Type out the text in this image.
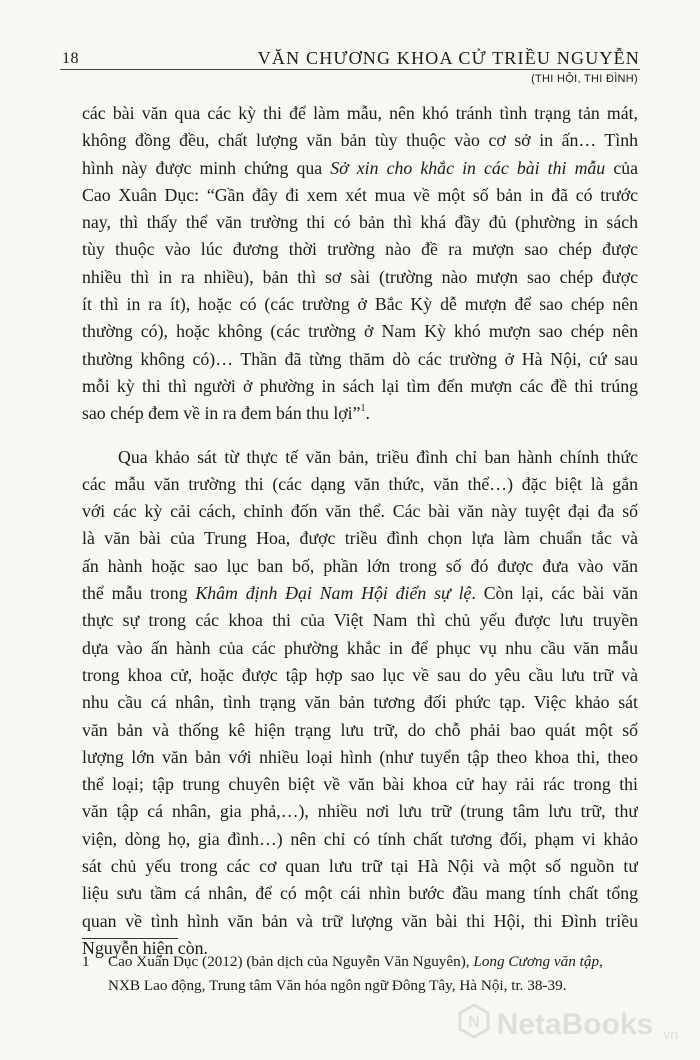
18	VĂN CHƯƠNG KHOA CỬ TRIỀU NGUYỄN
(THI HỘI, THI ĐÌNH)
các bài văn qua các kỳ thi để làm mẫu, nên khó tránh tình trạng tản mát,
không đồng đều, chất lượng văn bản tùy thuộc vào cơ sở in ấn… Tình
hình này được minh chứng qua Sở xin cho khắc in các bài thi mẫu của
Cao Xuân Dục: “Gần đây đi xem xét mua về một số bản in đã có trước
nay, thì thấy thể văn trường thi có bản thì khá đầy đủ (phường in sách
tùy thuộc vào lúc đương thời trường nào đề ra mượn sao chép được
nhiều thì in ra nhiều), bản thì sơ sài (trường nào mượn sao chép được
ít thì in ra ít), hoặc có (các trường ở Bắc Kỳ dễ mượn để sao chép nên
thường có), hoặc không (các trường ở Nam Kỳ khó mượn sao chép nên
thường không có)… Thần đã từng thăm dò các trường ở Hà Nội, cứ sau
mỗi kỳ thi thì người ở phường in sách lại tìm đến mượn các đề thi trúng
sao chép đem về in ra đem bán thu lợi”$^1$.
Qua khảo sát từ thực tế văn bản, triều đình chỉ ban hành chính thức
các mẫu văn trường thi (các dạng văn thức, văn thể…) đặc biệt là gắn
với các kỳ cải cách, chỉnh đốn văn thể. Các bài văn này tuyệt đại đa số
là văn bài của Trung Hoa, được triều đình chọn lựa làm chuẩn tắc và
ấn hành hoặc sao lục ban bố, phần lớn trong số đó được đưa vào văn
thể mẫu trong Khâm định Đại Nam Hội điển sự lệ. Còn lại, các bài văn
thực sự trong các khoa thi của Việt Nam thì chủ yếu được lưu truyền
dựa vào ấn hành của các phường khắc in để phục vụ nhu cầu văn mẫu
trong khoa cử, hoặc được tập hợp sao lục về sau do yêu cầu lưu trữ và
nhu cầu cá nhân, tình trạng văn bản tương đối phức tạp. Việc khảo sát
văn bản và thống kê hiện trạng lưu trữ, do chỗ phải bao quát một số
lượng lớn văn bản với nhiều loại hình (như tuyển tập theo khoa thi, theo
thể loại; tập trung chuyên biệt về văn bài khoa cử hay rải rác trong thi
văn tập cá nhân, gia phả,…), nhiều nơi lưu trữ (trung tâm lưu trữ, thư
viện, dòng họ, gia đình…) nên chỉ có tính chất tương đối, phạm vi khảo
sát chủ yếu trong các cơ quan lưu trữ tại Hà Nội và một số nguồn tư
liệu sưu tầm cá nhân, để có một cái nhìn bước đầu mang tính chất tổng
quan về tình hình văn bản và trữ lượng văn bài thi Hội, thi Đình triều
Nguyễn hiện còn.
1 Cao Xuân Dục (2012) (bản dịch của Nguyễn Văn Nguyên), Long Cương văn tập,
NXB Lao động, Trung tâm Văn hóa ngôn ngữ Đông Tây, Hà Nội, tr. 38-39.
N NetaBooks .vn
